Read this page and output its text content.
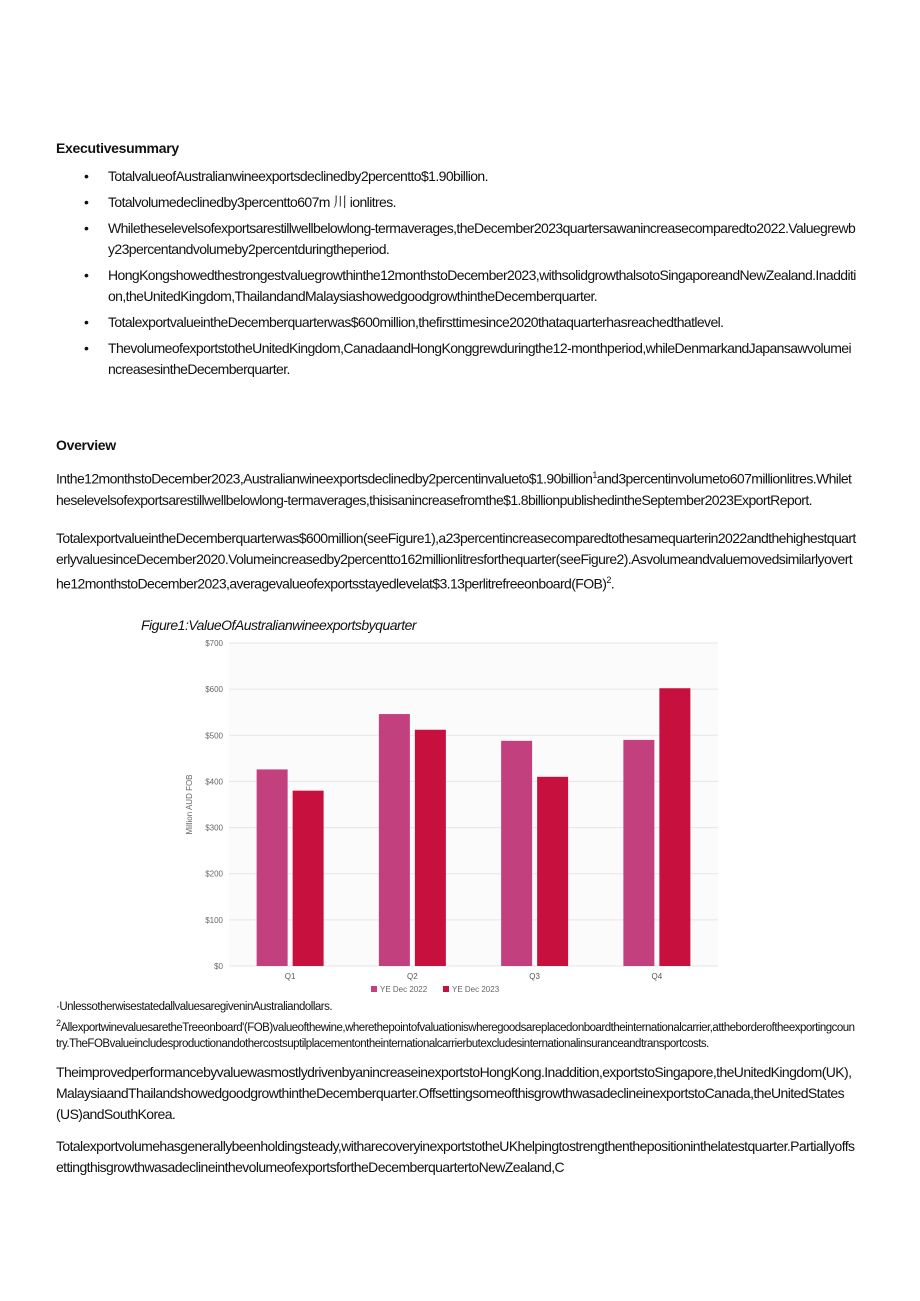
Executivesummary
• TotalvalueofAustralianwineexportsdeclinedby2percentto$1.90billion.
• Totalvolumedeclinedby3percentto607m 川 ionlitres.
• Whiletheselevelsofexportsarestillwellbelowlong-termaverages,theDecember2023quartersawanincreasecomparedto2022.Valuegrewby23percentandvolumeby2percentduringtheperiod.
• HongKongshowedthestrongestvaluegrowthinthe12monthstoDecember2023,withsolidgrowthalsotoSingaporeandNewZealand.Inaddition,theUnitedKingdom,ThailandandMalaysiashowedgoodgrowthintheDecemberquarter.
• TotalexportvalueintheDecemberquarterwas$600million,thefirsttimesince2020thataquarterhasreachedthatlevel.
• ThevolumeofexportstotheUnitedKingdom,CanadaandHongKonggrewduringthe12-monthperiod,whileDenmarkandJapansawvolumeincreasesintheDecemberquarter.
Overview
Inthe12monthstoDecember2023,Australianwineexportsdeclinedby2percentinvalueto$1.90billion$^1$and3percentinvolumeto607millionlitres.Whiletheselevelsofexportsarestillwellbelowlong-termaverages,thisisanincreasefromthe$1.8billionpublishedintheSeptember2023ExportReport.
TotalexportvalueintheDecemberquarterwas$600million(seeFigure1),a23percentincreasecomparedtothesamequarterin2022andthehighestquarterlyvaluesinceDecember2020.Volumeincreasedby2percentto162millionlitresforthequarter(seeFigure2).Asvolumeandvaluemovedsimilarlyoverthe12monthstoDecember2023,averagevalueofexportsstayedlevelat$3.13perlitrefreeonboard(FOB)$^2$.
Figure1:ValueOfAustralianwineexportsbyquarter
$0
$100
$200
$300
$400
$500
$600
$700
Million AUD FOB
Q1	Q2	Q3	Q4
YE Dec 2022	YE Dec 2023
·UnlessotherwisestatedallvaluesaregiveninAustraliandollars.
$^2$AllexportwinevaluesaretheTreeonboard'(FOB)valueofthewine,wherethepointofvaluationiswheregoodsareplacedonboardtheinternationalcarrier,attheborderoftheexportingcountry.TheFOBvalueincludesproductionandothercostsuptilplacementontheinternationalcarrierbutexcludesinternationalinsuranceandtransportcosts.
TheimprovedperformancebyvaluewasmostlydrivenbyanincreaseinexportstoHongKong.Inaddition,exportstoSingapore,theUnitedKingdom(UK),MalaysiaandThailandshowedgoodgrowthintheDecemberquarter.OffsettingsomeofthisgrowthwasadeclineinexportstoCanada,theUnitedStates(US)andSouthKorea.
Totalexportvolumehasgenerallybeenholdingsteady,witharecoveryinexportstotheUKhelpingtostrengthenthepositioninthelatestquarter.PartiallyoffsettingthisgrowthwasadeclineinthevolumeofexportsfortheDecemberquartertoNewZealand,C
